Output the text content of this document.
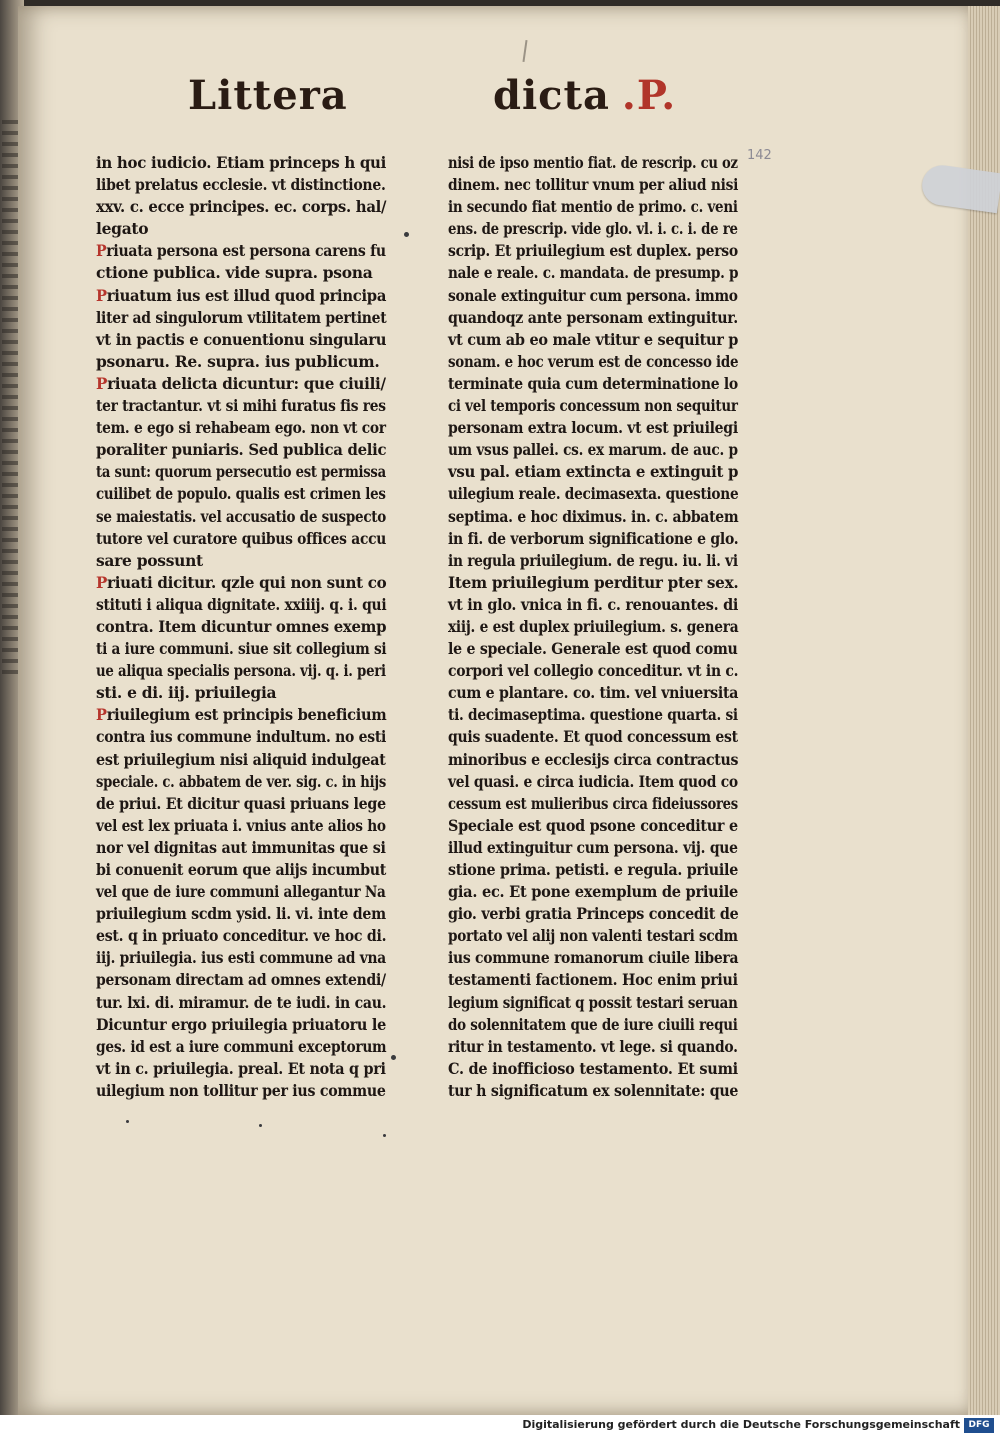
Littera	dicta .P.
142

in hoc iudicio. Etiam princeps h qui

libet prelatus ecclesie. vt distinctione.

xxv. c. ecce principes. ec. corps. hal/

legato

Priuata persona est persona carens fu

ctione publica. vide supra. psona

Priuatum ius est illud quod principa

liter ad singulorum vtilitatem pertinet

vt in pactis e conuentionu singularu

psonaru. Re. supra. ius publicum.

Priuata delicta dicuntur: que ciuili/

ter tractantur. vt si mihi furatus fis res

tem. e ego si rehabeam ego. non vt cor

poraliter puniaris. Sed publica delic

ta sunt: quorum persecutio est permissa

cuilibet de populo. qualis est crimen les

se maiestatis. vel accusatio de suspecto

tutore vel curatore quibus offices accu

sare possunt

Priuati dicitur. qzle qui non sunt co

stituti i aliqua dignitate. xxiiij. q. i. qui

contra. Item dicuntur omnes exemp

ti a iure communi. siue sit collegium si

ue aliqua specialis persona. vij. q. i. peri

sti. e di. iij. priuilegia

Priuilegium est principis beneficium

contra ius commune indultum. no esti

est priuilegium nisi aliquid indulgeat

speciale. c. abbatem de ver. sig. c. in hijs

de priui. Et dicitur quasi priuans lege

vel est lex priuata i. vnius ante alios ho

nor vel dignitas aut immunitas que si

bi conuenit eorum que alijs incumbut

vel que de iure communi allegantur Na

priuilegium scdm ysid. li. vi. inte dem

est. q in priuato conceditur. ve hoc di.

iij. priuilegia. ius esti commune ad vna

personam directam ad omnes extendi/

tur. lxi. di. miramur. de te iudi. in cau.

Dicuntur ergo priuilegia priuatoru le

ges. id est a iure communi exceptorum

vt in c. priuilegia. preal. Et nota q pri

uilegium non tollitur per ius commue

nisi de ipso mentio fiat. de rescrip. cu oz

dinem. nec tollitur vnum per aliud nisi

in secundo fiat mentio de primo. c. veni

ens. de prescrip. vide glo. vl. i. c. i. de re

scrip. Et priuilegium est duplex. perso

nale e reale. c. mandata. de presump. p

sonale extinguitur cum persona. immo

quandoqz ante personam extinguitur.

vt cum ab eo male vtitur e sequitur p

sonam. e hoc verum est de concesso ide

terminate quia cum determinatione lo

ci vel temporis concessum non sequitur

personam extra locum. vt est priuilegi

um vsus pallei. cs. ex marum. de auc. p

vsu pal. etiam extincta e extinguit p

uilegium reale. decimasexta. questione

septima. e hoc diximus. in. c. abbatem

in fi. de verborum significatione e glo.

in regula priuilegium. de regu. iu. li. vi

Item priuilegium perditur pter sex.

vt in glo. vnica in fi. c. renouantes. di

xiij. e est duplex priuilegium. s. genera

le e speciale. Generale est quod comu

corpori vel collegio conceditur. vt in c.

cum e plantare. co. tim. vel vniuersita

ti. decimaseptima. questione quarta. si

quis suadente. Et quod concessum est

minoribus e ecclesijs circa contractus

vel quasi. e circa iudicia. Item quod co

cessum est mulieribus circa fideiussores

Speciale est quod psone conceditur e

illud extinguitur cum persona. vij. que

stione prima. petisti. e regula. priuile

gia. ec. Et pone exemplum de priuile

gio. verbi gratia Princeps concedit de

portato vel alij non valenti testari scdm

ius commune romanorum ciuile libera

testamenti factionem. Hoc enim priui

legium significat q possit testari seruan

do solennitatem que de iure ciuili requi

ritur in testamento. vt lege. si quando.

C. de inofficioso testamento. Et sumi

tur h significatum ex solennitate: que

Digitalisierung gefördert durch die Deutsche Forschungsgemeinschaft DFG
